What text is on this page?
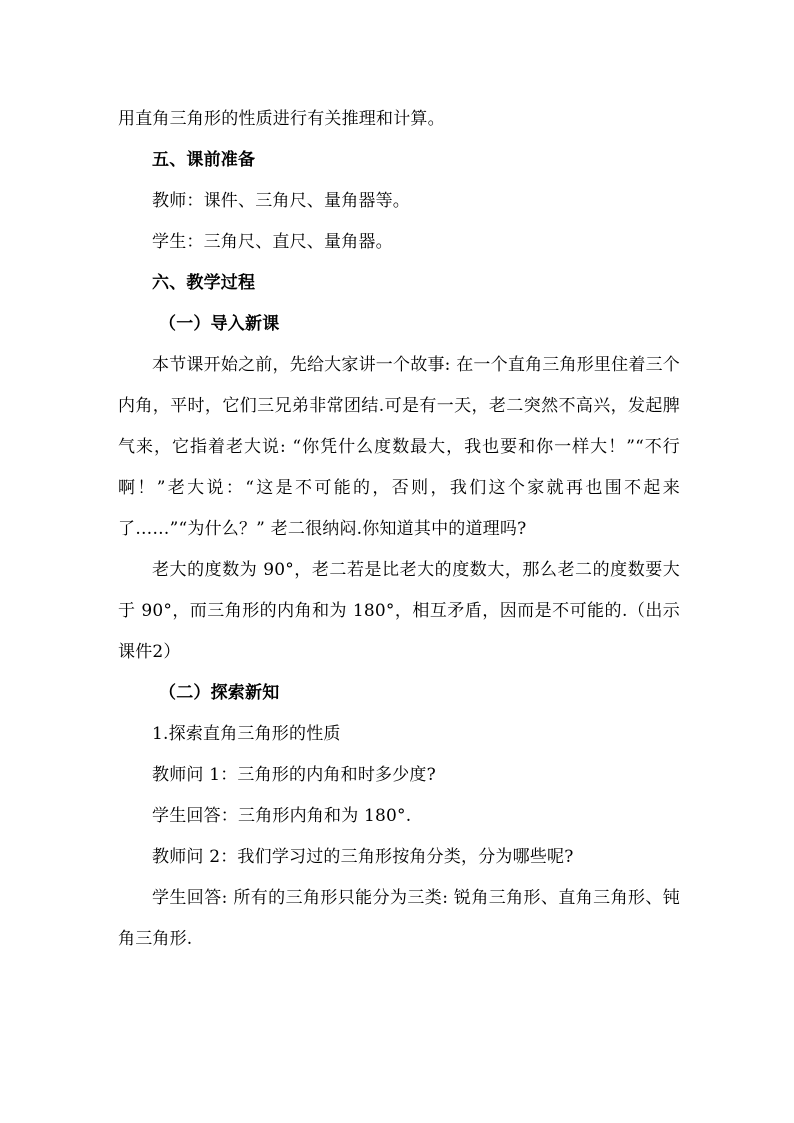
用直角三角形的性质进行有关推理和计算。

五、课前准备

教师：课件、三角尺、量角器等。

学生：三角尺、直尺、量角器。

六、教学过程

（一）导入新课

本节课开始之前，先给大家讲一个故事: 在一个直角三角形里住着三个内角，平时，它们三兄弟非常团结.可是有一天，老二突然不高兴，发起脾气来，它指着老大说: “你凭什么度数最大，我也要和你一样大！”“不行啊！”老大说：“这是不可能的，否则，我们这个家就再也围不起来了……”“为什么？” 老二很纳闷.你知道其中的道理吗?

老大的度数为 90°，老二若是比老大的度数大，那么老二的度数要大于 90°，而三角形的内角和为 180°，相互矛盾，因而是不可能的.（出示课件2）

（二）探索新知

1.探索直角三角形的性质

教师问 1：三角形的内角和时多少度?

学生回答：三角形内角和为 180°.

教师问 2：我们学习过的三角形按角分类，分为哪些呢?

学生回答: 所有的三角形只能分为三类: 锐角三角形、直角三角形、钝角三角形.
